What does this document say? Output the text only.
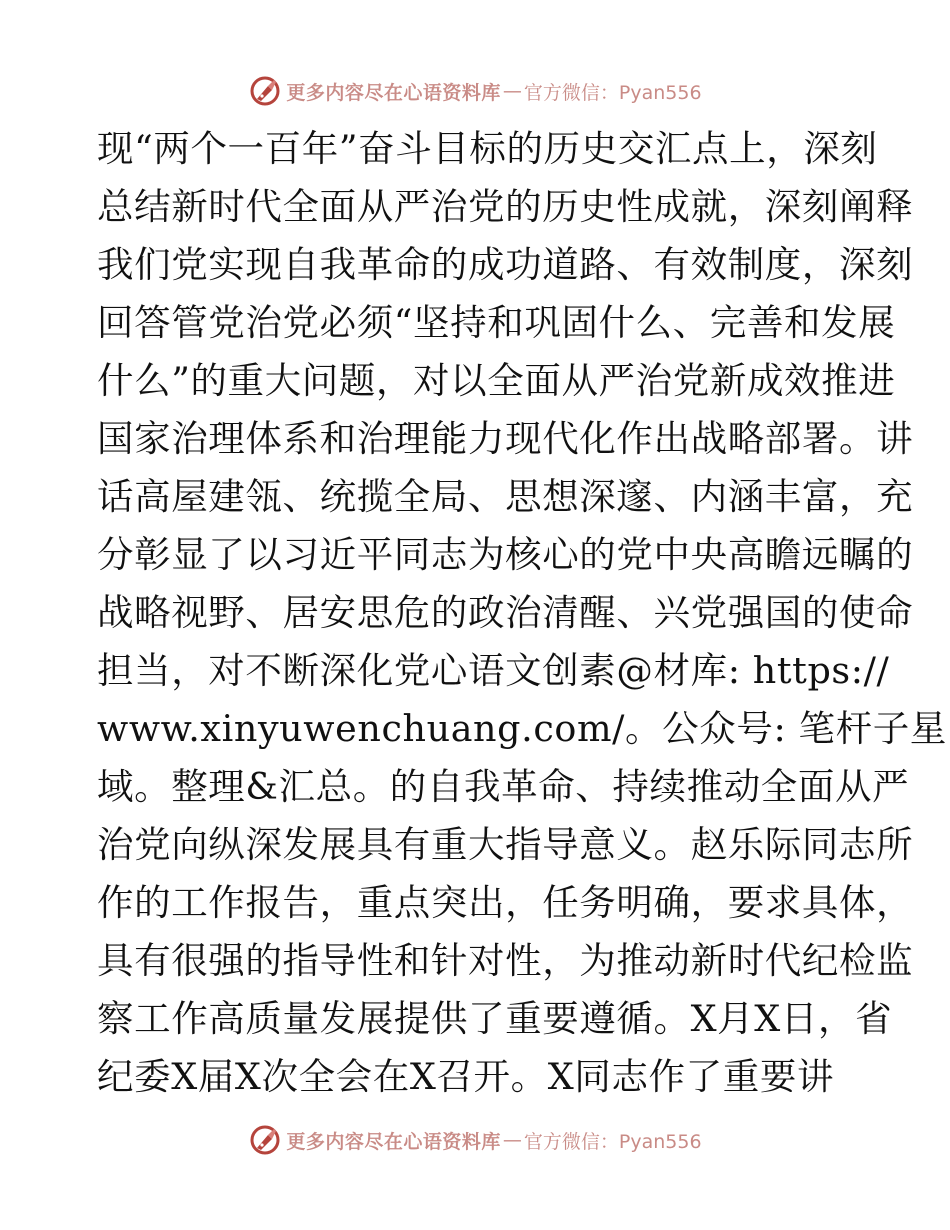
更多内容尽在心语资料库 — 官方微信：Pyan556
现“两个一百年”奋斗目标的历史交汇点上，深刻
总结新时代全面从严治党的历史性成就，深刻阐释
我们党实现自我革命的成功道路、有效制度，深刻
回答管党治党必须“坚持和巩固什么、完善和发展
什么”的重大问题，对以全面从严治党新成效推进
国家治理体系和治理能力现代化作出战略部署。讲
话高屋建瓴、统揽全局、思想深邃、内涵丰富，充
分彰显了以习近平同志为核心的党中央高瞻远瞩的
战略视野、居安思危的政治清醒、兴党强国的使命
担当，对不断深化党心语文创素@材库: https://
www.xinyuwenchuang.com/。公众号: 笔杆子星
域。整理&汇总。的自我革命、持续推动全面从严
治党向纵深发展具有重大指导意义。赵乐际同志所
作的工作报告，重点突出，任务明确，要求具体，
具有很强的指导性和针对性，为推动新时代纪检监
察工作高质量发展提供了重要遵循。X月X日，省
纪委X届X次全会在X召开。X同志作了重要讲
更多内容尽在心语资料库 — 官方微信：Pyan556
